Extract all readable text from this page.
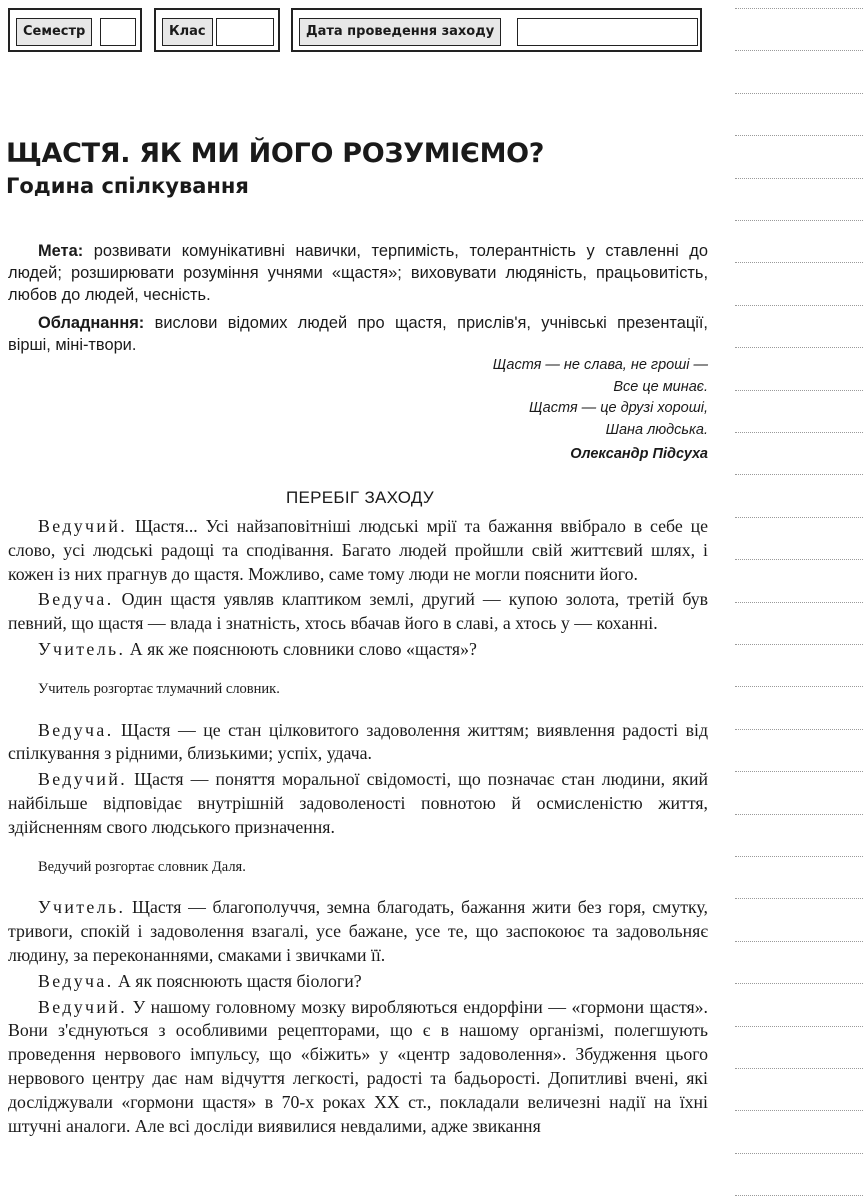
Семестр	Клас	Дата проведення заходу
ЩАСТЯ. ЯК МИ ЙОГО РОЗУМІЄМО?
Година спілкування

Мета: розвивати комунікативні навички, терпимість, толерантність у ставленні до людей; розширювати розуміння учнями «щастя»; виховувати людяність, працьовитість, любов до людей, чесність.

Обладнання: вислови відомих людей про щастя, прислів'я, учнівські презентації, вірші, міні-твори.

Щастя — не слава, не гроші —
Все це минає.
Щастя — це друзі хороші,
Шана людська.
Олександр Підсуха
ПЕРЕБІГ ЗАХОДУ

Ведучий. Щастя... Усі найзаповітніші людські мрії та бажання ввібрало в себе це слово, усі людські радощі та сподівання. Багато людей пройшли свій життєвий шлях, і кожен із них прагнув до щастя. Можливо, саме тому люди не могли пояснити його.

Ведуча. Один щастя уявляв клаптиком землі, другий — купою золота, третій був певний, що щастя — влада і знатність, хтось вбачав його в славі, а хтось у — коханні.

Учитель. А як же пояснюють словники слово «щастя»?

Учитель розгортає тлумачний словник.

Ведуча. Щастя — це стан цілковитого задоволення життям; виявлення радості від спілкування з рідними, близькими; успіх, удача.

Ведучий. Щастя — поняття моральної свідомості, що позначає стан людини, який найбільше відповідає внутрішній задоволеності повнотою й осмисленістю життя, здійсненням свого людського призначення.

Ведучий розгортає словник Даля.

Учитель. Щастя — благополуччя, земна благодать, бажання жити без горя, смутку, тривоги, спокій і задоволення взагалі, усе бажане, усе те, що заспокоює та задовольняє людину, за переконаннями, смаками і звичками її.

Ведуча. А як пояснюють щастя біологи?

Ведучий. У нашому головному мозку виробляються ендорфіни — «гормони щастя». Вони з'єднуються з особливими рецепторами, що є в нашому організмі, полегшують проведення нервового імпульсу, що «біжить» у «центр задоволення». Збудження цього нервового центру дає нам відчуття легкості, радості та бадьорості. Допитливі вчені, які досліджували «гормони щастя» в 70-х роках ХХ ст., покладали величезні надії на їхні штучні аналоги. Але всі досліди виявилися невдалими, адже звикання
